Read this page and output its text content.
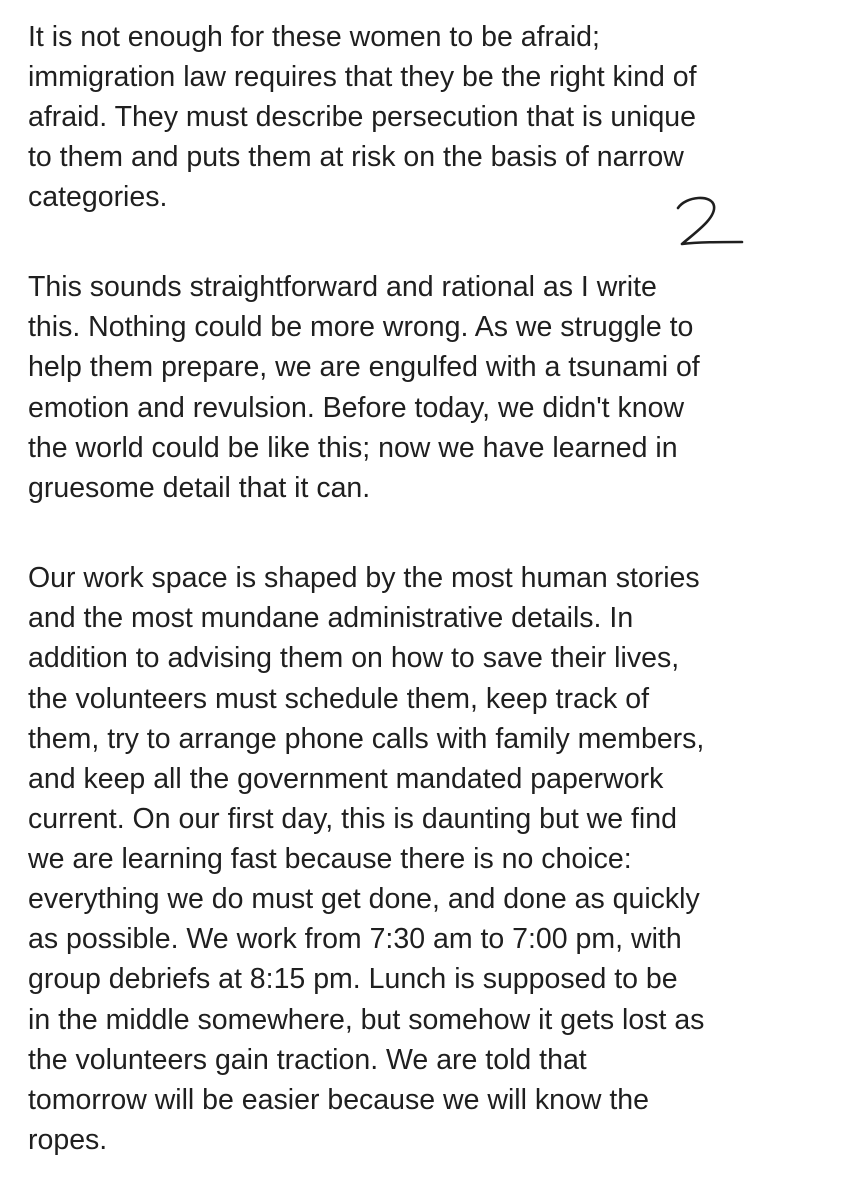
It is not enough for these women to be afraid;

immigration law requires that they be the right kind of

afraid. They must describe persecution that is unique

to them and puts them at risk on the basis of narrow

categories.

This sounds straightforward and rational as I write

this. Nothing could be more wrong. As we struggle to

help them prepare, we are engulfed with a tsunami of

emotion and revulsion. Before today, we didn't know

the world could be like this; now we have learned in

gruesome detail that it can.

Our work space is shaped by the most human stories

and the most mundane administrative details. In

addition to advising them on how to save their lives,

the volunteers must schedule them, keep track of

them, try to arrange phone calls with family members,

and keep all the government mandated paperwork

current. On our first day, this is daunting but we find

we are learning fast because there is no choice:

everything we do must get done, and done as quickly

as possible. We work from 7:30 am to 7:00 pm, with

group debriefs at 8:15 pm. Lunch is supposed to be

in the middle somewhere, but somehow it gets lost as

the volunteers gain traction. We are told that

tomorrow will be easier because we will know the

ropes.
